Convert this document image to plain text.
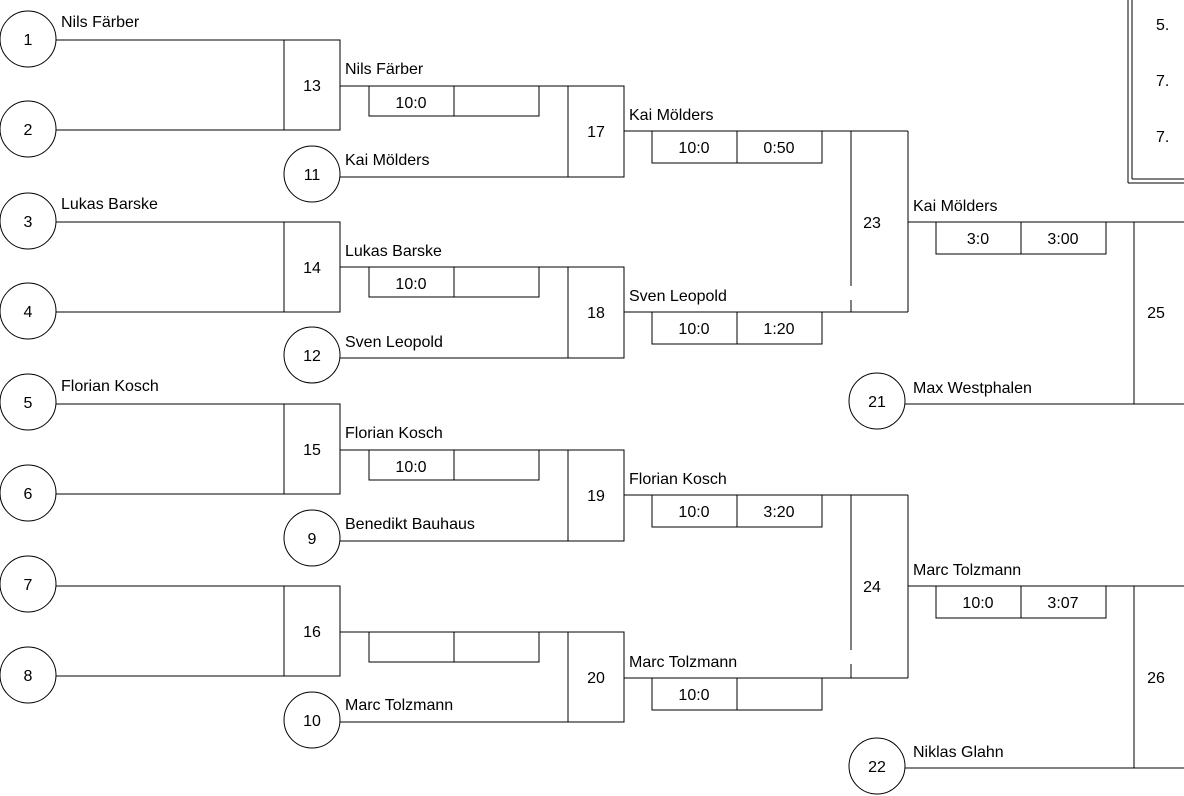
5.
7.
7.
1
Nils Färber
2
3
Lukas Barske
4
5
Florian Kosch
6
7
8
13
Nils Färber
10:0
14
Lukas Barske
10:0
15
Florian Kosch
10:0
16
11
Kai Mölders
12
Sven Leopold
9
Benedikt Bauhaus
10
Marc Tolzmann
17
Kai Mölders
10:0	0:50
18
Sven Leopold
10:0	1:20
19
Florian Kosch
10:0	3:20
20
Marc Tolzmann
10:0
23
Kai Mölders
3:0	3:00
24
Marc Tolzmann
10:0	3:07
21
Max Westphalen
22
Niklas Glahn
25
26
